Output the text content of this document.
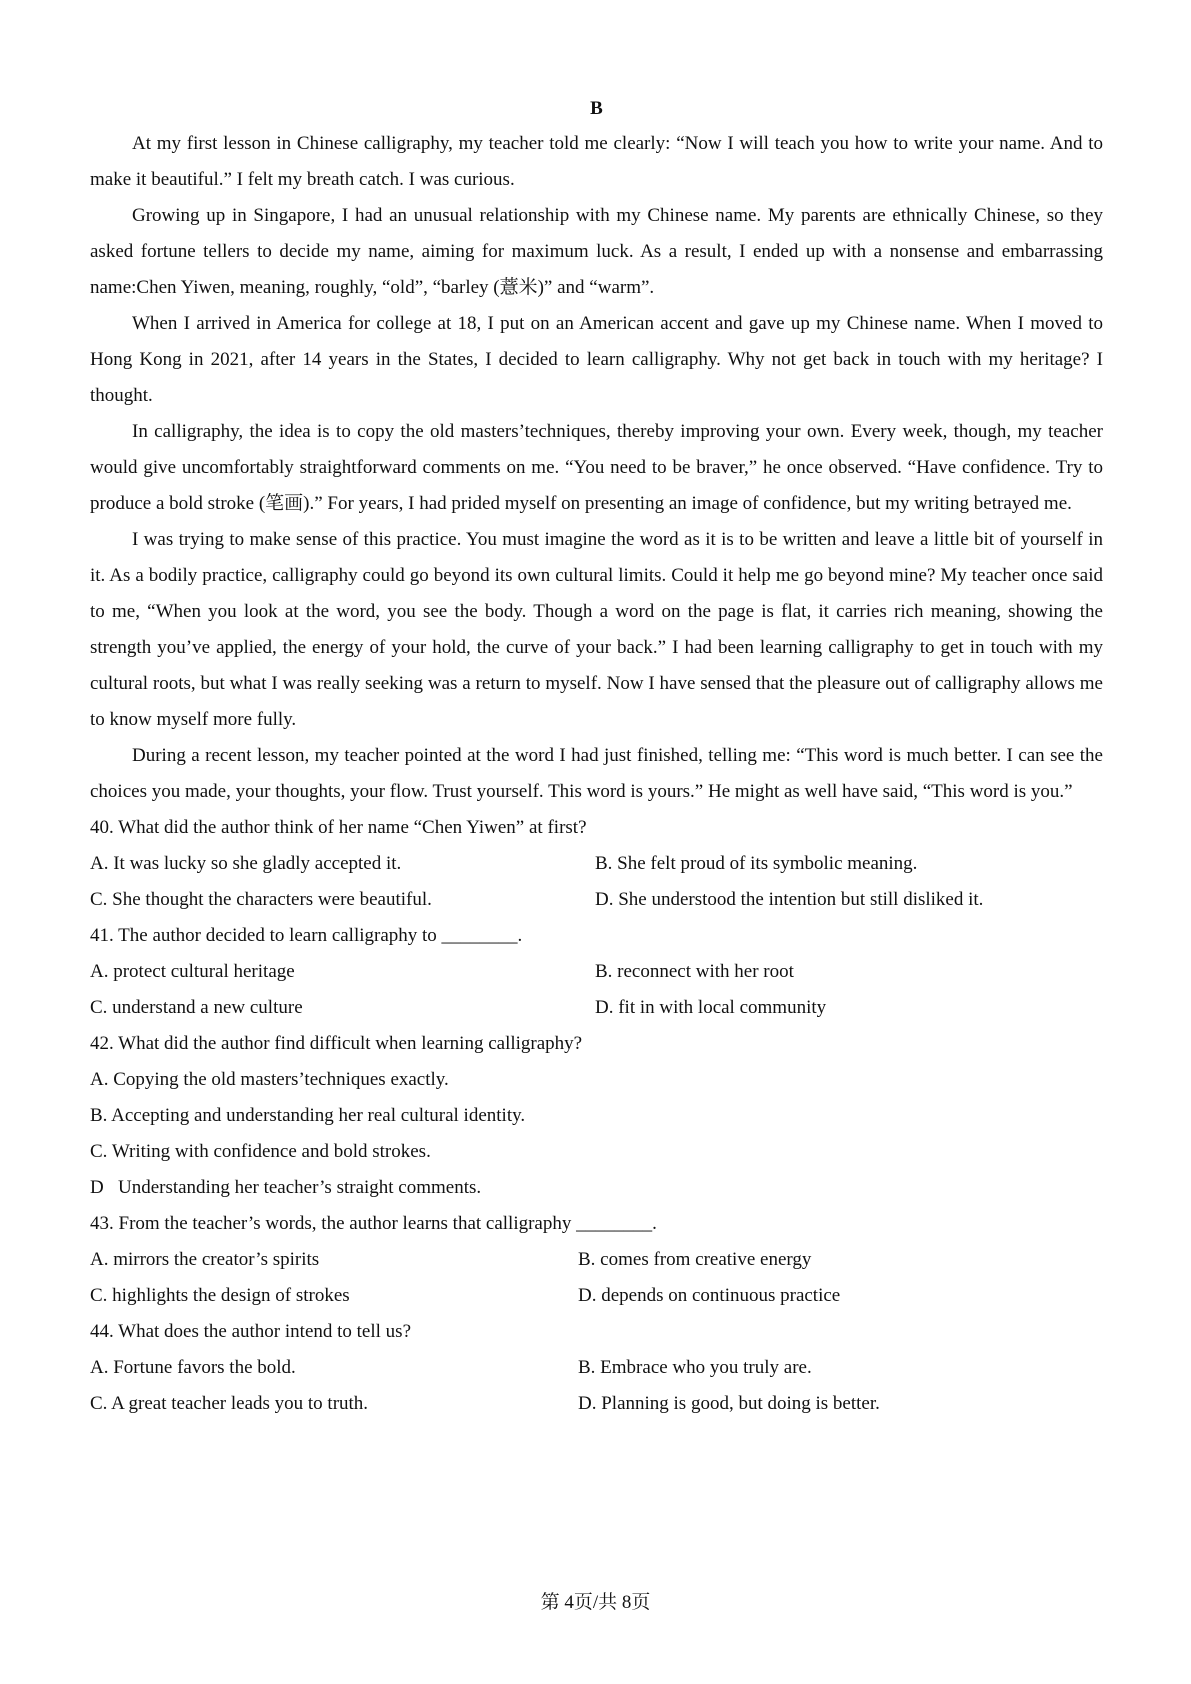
B

At my first lesson in Chinese calligraphy, my teacher told me clearly: “Now I will teach you how to write your name. And to make it beautiful.” I felt my breath catch. I was curious.

Growing up in Singapore, I had an unusual relationship with my Chinese name. My parents are ethnically Chinese, so they asked fortune tellers to decide my name, aiming for maximum luck. As a result, I ended up with a nonsense and embarrassing name:Chen Yiwen, meaning, roughly, “old”, “barley (薏米)” and “warm”.

When I arrived in America for college at 18, I put on an American accent and gave up my Chinese name. When I moved to Hong Kong in 2021, after 14 years in the States, I decided to learn calligraphy. Why not get back in touch with my heritage? I thought.

In calligraphy, the idea is to copy the old masters’techniques, thereby improving your own. Every week, though, my teacher would give uncomfortably straightforward comments on me. “You need to be braver,” he once observed. “Have confidence. Try to produce a bold stroke (笔画).” For years, I had prided myself on presenting an image of confidence, but my writing betrayed me.

I was trying to make sense of this practice. You must imagine the word as it is to be written and leave a little bit of yourself in it. As a bodily practice, calligraphy could go beyond its own cultural limits. Could it help me go beyond mine? My teacher once said to me, “When you look at the word, you see the body. Though a word on the page is flat, it carries rich meaning, showing the strength you’ve applied, the energy of your hold, the curve of your back.” I had been learning calligraphy to get in touch with my cultural roots, but what I was really seeking was a return to myself. Now I have sensed that the pleasure out of calligraphy allows me to know myself more fully.

During a recent lesson, my teacher pointed at the word I had just finished, telling me: “This word is much better. I can see the choices you made, your thoughts, your flow. Trust yourself. This word is yours.” He might as well have said, “This word is you.”

40. What did the author think of her name “Chen Yiwen” at first?

A. It was lucky so she gladly accepted it.	B. She felt proud of its symbolic meaning.
C. She thought the characters were beautiful.	D. She understood the intention but still disliked it.

41. The author decided to learn calligraphy to ________.

A. protect cultural heritage	B. reconnect with her root
C. understand a new culture	D. fit in with local community

42. What did the author find difficult when learning calligraphy?

A. Copying the old masters’techniques exactly.
B. Accepting and understanding her real cultural identity.
C. Writing with confidence and bold strokes.
D   Understanding her teacher’s straight comments.

43. From the teacher’s words, the author learns that calligraphy ________.

A. mirrors the creator’s spirits	B. comes from creative energy
C. highlights the design of strokes	D. depends on continuous practice

44. What does the author intend to tell us?

A. Fortune favors the bold.	B. Embrace who you truly are.
C. A great teacher leads you to truth.	D. Planning is good, but doing is better.
第 4页/共 8页
